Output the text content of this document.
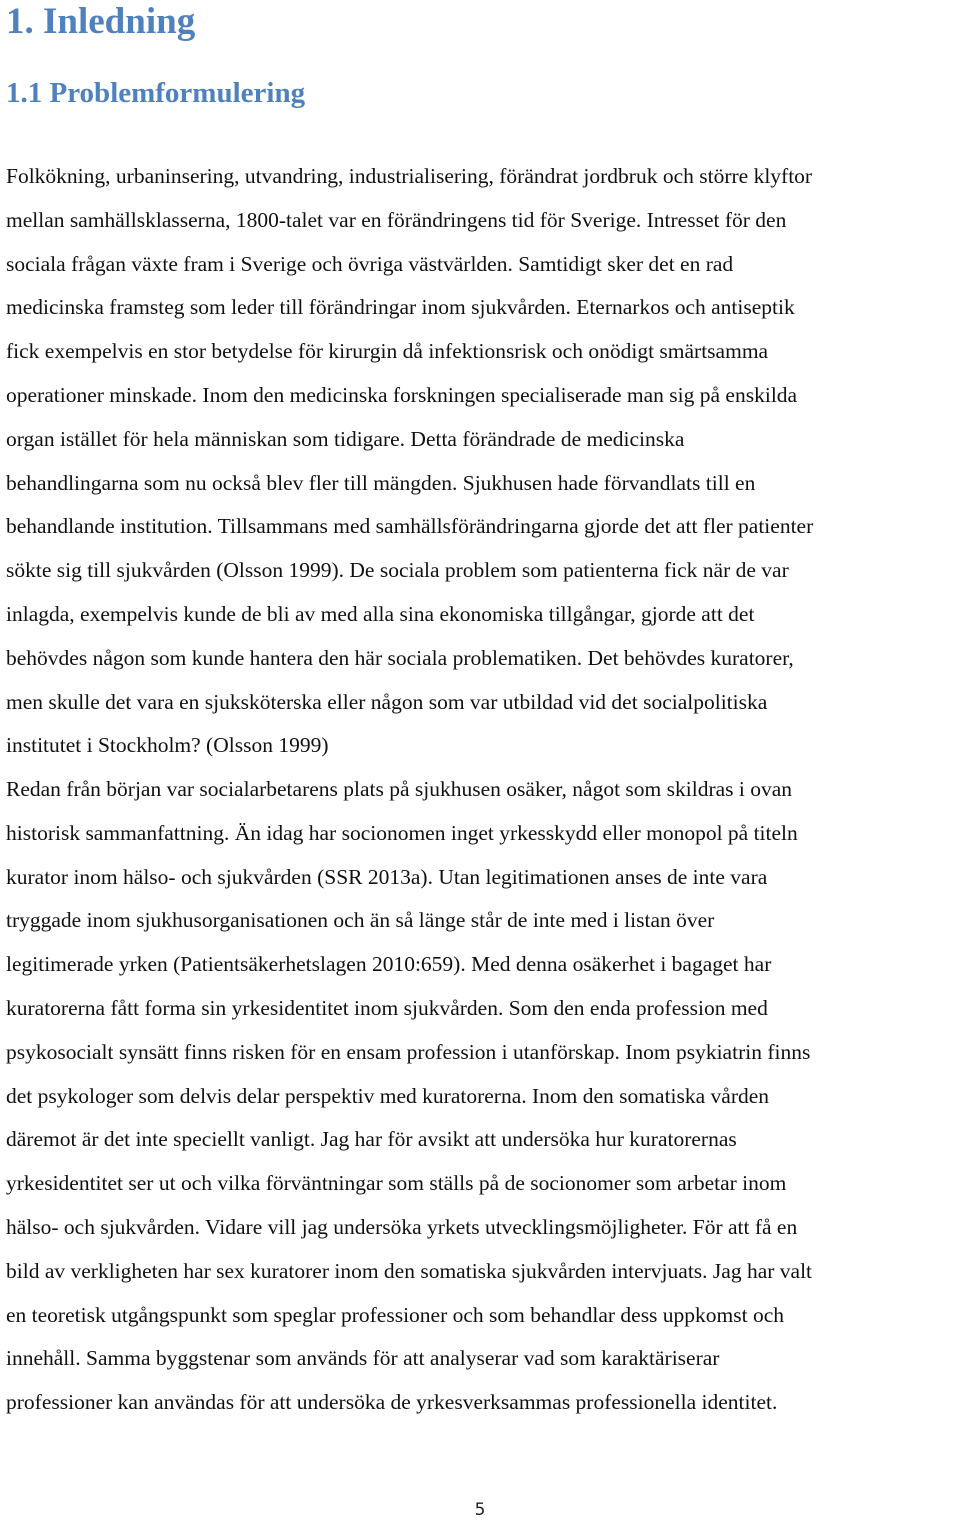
1. Inledning
1.1 Problemformulering
Folkökning, urbaninsering, utvandring, industrialisering, förändrat jordbruk och större klyftor
mellan samhällsklasserna, 1800-talet var en förändringens tid för Sverige. Intresset för den
sociala frågan växte fram i Sverige och övriga västvärlden. Samtidigt sker det en rad
medicinska framsteg som leder till förändringar inom sjukvården. Eternarkos och antiseptik
fick exempelvis en stor betydelse för kirurgin då infektionsrisk och onödigt smärtsamma
operationer minskade. Inom den medicinska forskningen specialiserade man sig på enskilda
organ istället för hela människan som tidigare. Detta förändrade de medicinska
behandlingarna som nu också blev fler till mängden. Sjukhusen hade förvandlats till en
behandlande institution. Tillsammans med samhällsförändringarna gjorde det att fler patienter
sökte sig till sjukvården (Olsson 1999). De sociala problem som patienterna fick när de var
inlagda, exempelvis kunde de bli av med alla sina ekonomiska tillgångar, gjorde att det
behövdes någon som kunde hantera den här sociala problematiken. Det behövdes kuratorer,
men skulle det vara en sjuksköterska eller någon som var utbildad vid det socialpolitiska
institutet i Stockholm? (Olsson 1999)
Redan från början var socialarbetarens plats på sjukhusen osäker, något som skildras i ovan
historisk sammanfattning. Än idag har socionomen inget yrkesskydd eller monopol på titeln
kurator inom hälso- och sjukvården (SSR 2013a). Utan legitimationen anses de inte vara
tryggade inom sjukhusorganisationen och än så länge står de inte med i listan över
legitimerade yrken (Patientsäkerhetslagen 2010:659). Med denna osäkerhet i bagaget har
kuratorerna fått forma sin yrkesidentitet inom sjukvården. Som den enda profession med
psykosocialt synsätt finns risken för en ensam profession i utanförskap. Inom psykiatrin finns
det psykologer som delvis delar perspektiv med kuratorerna. Inom den somatiska vården
däremot är det inte speciellt vanligt. Jag har för avsikt att undersöka hur kuratorernas
yrkesidentitet ser ut och vilka förväntningar som ställs på de socionomer som arbetar inom
hälso- och sjukvården. Vidare vill jag undersöka yrkets utvecklingsmöjligheter. För att få en
bild av verkligheten har sex kuratorer inom den somatiska sjukvården intervjuats. Jag har valt
en teoretisk utgångspunkt som speglar professioner och som behandlar dess uppkomst och
innehåll. Samma byggstenar som används för att analyserar vad som karaktäriserar
professioner kan användas för att undersöka de yrkesverksammas professionella identitet.
5
